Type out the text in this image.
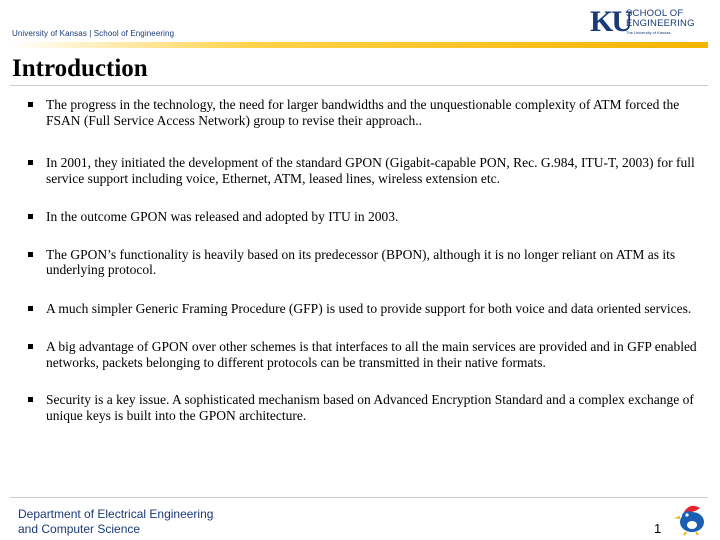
University of Kansas | School of Engineering	KU
SCHOOL OF
ENGINEERING
The University of Kansas
Introduction
The progress in the technology, the need for larger bandwidths and the unquestionable complexity of ATM forced the FSAN (Full Service Access Network) group to revise their approach..
In 2001, they initiated the development of the standard GPON (Gigabit-capable PON, Rec. G.984, ITU-T, 2003) for full service support including voice, Ethernet, ATM, leased lines, wireless extension etc.
In the outcome GPON was released and adopted by ITU in 2003.
The GPON’s functionality is heavily based on its predecessor (BPON), although it is no longer reliant on ATM as its underlying protocol.
A much simpler Generic Framing Procedure (GFP) is used to provide support for both voice and data oriented services.
A big advantage of GPON over other schemes is that interfaces to all the main services are provided and in GFP enabled networks, packets belonging to different protocols can be transmitted in their native formats.
Security is a key issue. A sophisticated mechanism based on Advanced Encryption Standard and a complex exchange of unique keys is built into the GPON architecture.
Department of Electrical Engineering
and Computer Science	1
